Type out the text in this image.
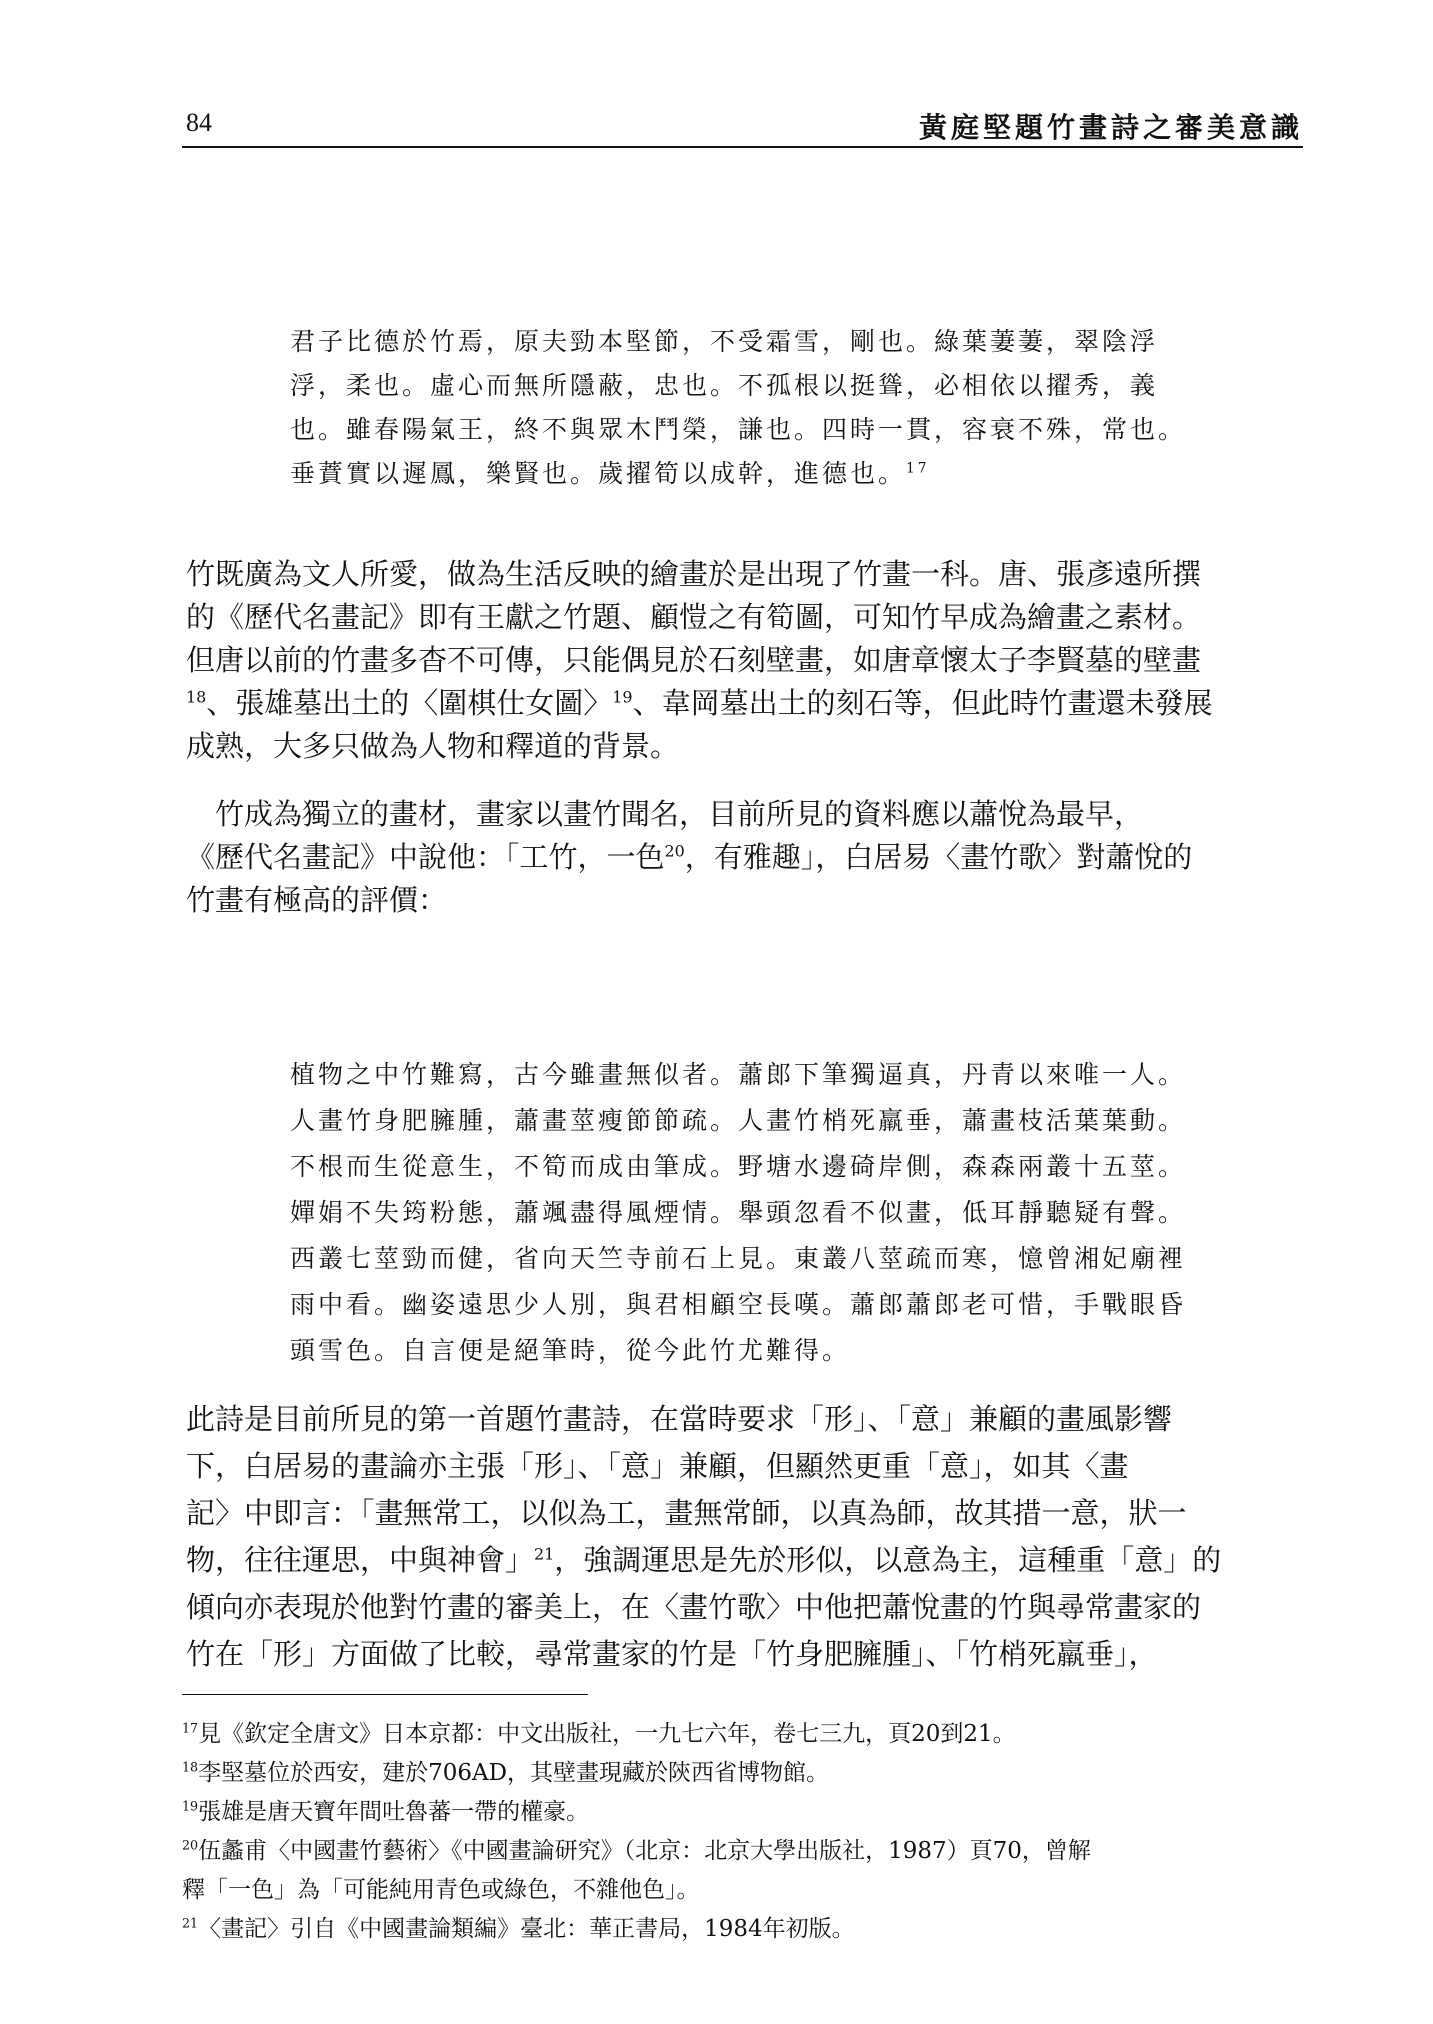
84	黃庭堅題竹畫詩之審美意識
君子比德於竹焉，原夫勁本堅節，不受霜雪，剛也。綠葉萋萋，翠陰浮
浮，柔也。虛心而無所隱蔽，忠也。不孤根以挺聳，必相依以擢秀，義
也。雖春陽氣王，終不與眾木鬥榮，謙也。四時一貫，容衰不殊，常也。
垂蕡實以遲鳳，樂賢也。歲擢筍以成幹，進德也。$^{17}$
竹既廣為文人所愛，做為生活反映的繪畫於是出現了竹畫一科。唐、張彥遠所撰
的《歷代名畫記》即有王獻之竹題、顧愷之有筍圖，可知竹早成為繪畫之素材。
但唐以前的竹畫多杳不可傳，只能偶見於石刻壁畫，如唐章懷太子李賢墓的壁畫
$^{18}$、張雄墓出土的〈圍棋仕女圖〉$^{19}$、韋岡墓出土的刻石等，但此時竹畫還未發展
成熟，大多只做為人物和釋道的背景。
　竹成為獨立的畫材，畫家以畫竹聞名，目前所見的資料應以蕭悅為最早，
《歷代名畫記》中說他：「工竹，一色$^{20}$，有雅趣」，白居易〈畫竹歌〉對蕭悅的
竹畫有極高的評價：
植物之中竹難寫，古今雖畫無似者。蕭郎下筆獨逼真，丹青以來唯一人。
人畫竹身肥臃腫，蕭畫莖瘦節節疏。人畫竹梢死羸垂，蕭畫枝活葉葉動。
不根而生從意生，不筍而成由筆成。野塘水邊碕岸側，森森兩叢十五莖。
嬋娟不失筠粉態，蕭颯盡得風煙情。舉頭忽看不似畫，低耳靜聽疑有聲。
西叢七莖勁而健，省向天竺寺前石上見。東叢八莖疏而寒，憶曾湘妃廟裡
雨中看。幽姿遠思少人別，與君相顧空長嘆。蕭郎蕭郎老可惜，手戰眼昏
頭雪色。自言便是絕筆時，從今此竹尤難得。
此詩是目前所見的第一首題竹畫詩，在當時要求「形」、「意」兼顧的畫風影響
下，白居易的畫論亦主張「形」、「意」兼顧，但顯然更重「意」，如其〈畫
記〉中即言：「畫無常工，以似為工，畫無常師，以真為師，故其措一意，狀一
物，往往運思，中與神會」$^{21}$，強調運思是先於形似，以意為主，這種重「意」的
傾向亦表現於他對竹畫的審美上，在〈畫竹歌〉中他把蕭悅畫的竹與尋常畫家的
竹在「形」方面做了比較，尋常畫家的竹是「竹身肥臃腫」、「竹梢死羸垂」，
$^{17}$見《欽定全唐文》日本京都：中文出版社，一九七六年，卷七三九，頁20到21。
$^{18}$李堅墓位於西安，建於706AD，其壁畫現藏於陝西省博物館。
$^{19}$張雄是唐天寶年間吐魯蕃一帶的權豪。
$^{20}$伍蠡甫〈中國畫竹藝術〉《中國畫論研究》（北京：北京大學出版社，1987）頁70，曾解
釋「一色」為「可能純用青色或綠色，不雜他色」。
$^{21}$〈畫記〉引自《中國畫論類編》臺北：華正書局，1984年初版。
